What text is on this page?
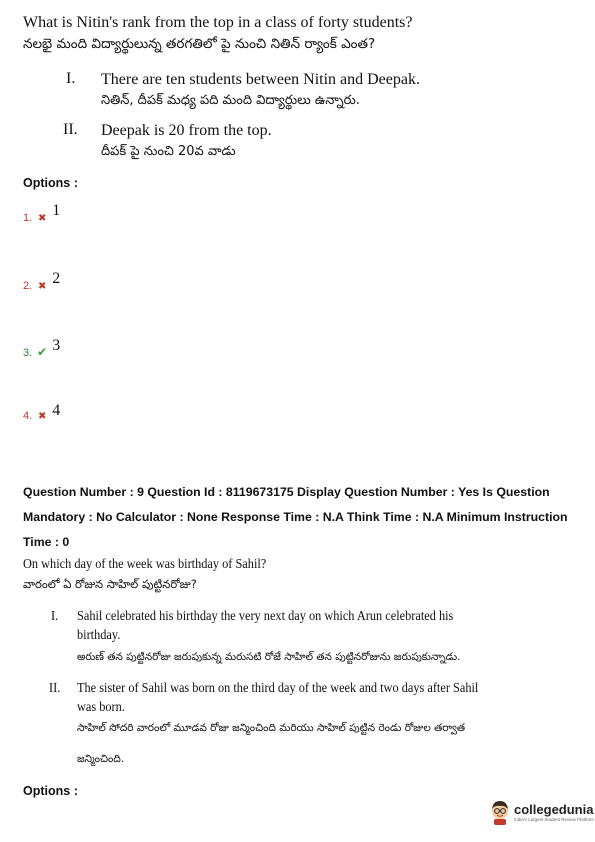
What is Nitin's rank from the top in a class of forty students?
నలభై మంది విద్యార్థులున్న తరగతిలో పై నుంచి నితిన్ ర్యాంక్ ఎంత?
I. There are ten students between Nitin and Deepak.
నితిన్, దీపక్ మధ్య పది మంది విద్యార్థులు ఉన్నారు.
II. Deepak is 20 from the top.
దీపక్ పై నుంచి 20వ వాడు
Options :
1. ✖ 1
2. ✖ 2
3. ✔ 3
4. ✖ 4
Question Number : 9 Question Id : 8119673175 Display Question Number : Yes Is Question
Mandatory : No Calculator : None Response Time : N.A Think Time : N.A Minimum Instruction
Time : 0
On which day of the week was birthday of Sahil?
వారంలో ఏ రోజున సాహిల్ పుట్టినరోజు?
I. Sahil celebrated his birthday the very next day on which Arun celebrated his
birthday.
అరుణ్ తన పుట్టినరోజు జరుపుకున్న మరుసటి రోజే సాహిల్ తన పుట్టినరోజును జరుపుకున్నాడు.
II. The sister of Sahil was born on the third day of the week and two days after Sahil
was born.
సాహిల్ సోదరి వారంలో మూడవ రోజు జన్మించింది మరియు సాహిల్ పుట్టిన రెండు రోజుల తర్వాత
జన్మించింది.
Options :
collegedunia
India's Largest Student Review Platform
